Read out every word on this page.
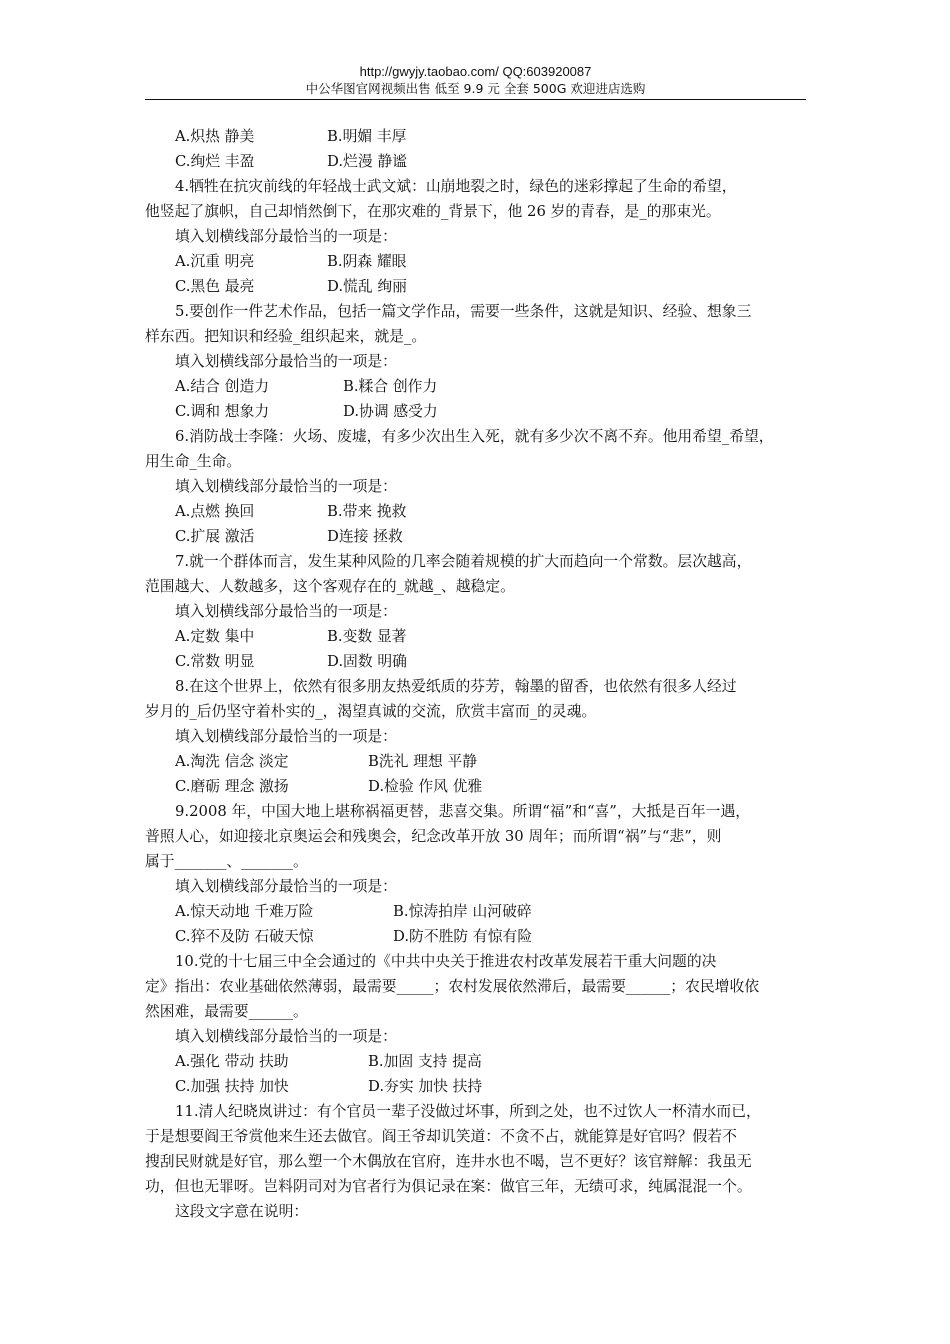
http://gwyjy.taobao.com/ QQ:603920087
中公华图官网视频出售 低至 9.9 元 全套 500G 欢迎进店选购
A.炽热 静美	B.明媚 丰厚
C.绚烂 丰盈	D.烂漫 静谧
4.牺牲在抗灾前线的年轻战士武文斌：山崩地裂之时，绿色的迷彩撑起了生命的希望，
他竖起了旗帜，自己却悄然倒下，在那灾难的_背景下，他 26 岁的青春，是_的那束光。
填入划横线部分最恰当的一项是：
A.沉重 明亮	B.阴森 耀眼
C.黑色 最亮	D.慌乱 绚丽
5.要创作一件艺术作品，包括一篇文学作品，需要一些条件，这就是知识、经验、想象三
样东西。把知识和经验_组织起来，就是_。
填入划横线部分最恰当的一项是：
A.结合 创造力	B.糅合 创作力
C.调和 想象力	D.协调 感受力
6.消防战士李隆：火场、废墟，有多少次出生入死，就有多少次不离不弃。他用希望_希望，
用生命_生命。
填入划横线部分最恰当的一项是：
A.点燃 换回	B.带来 挽救
C.扩展 激活	D连接 拯救
7.就一个群体而言，发生某种风险的几率会随着规模的扩大而趋向一个常数。层次越高，
范围越大、人数越多，这个客观存在的_就越_、越稳定。
填入划横线部分最恰当的一项是：
A.定数 集中	B.变数 显著
C.常数 明显	D.固数 明确
8.在这个世界上，依然有很多朋友热爱纸质的芬芳，翰墨的留香，也依然有很多人经过
岁月的_后仍坚守着朴实的_，渴望真诚的交流，欣赏丰富而_的灵魂。
填入划横线部分最恰当的一项是：
A.淘洗 信念 淡定	B洗礼 理想 平静
C.磨砺 理念 激扬	D.检验 作风 优雅
9.2008 年，中国大地上堪称祸福更替，悲喜交集。所谓“福”和“喜”，大抵是百年一遇，
普照人心，如迎接北京奥运会和残奥会，纪念改革开放 30 周年；而所谓“祸”与“悲”，则
属于_______、_______。
填入划横线部分最恰当的一项是：
A.惊天动地 千难万险	B.惊涛拍岸 山河破碎
C.猝不及防 石破天惊	D.防不胜防 有惊有险
10.党的十七届三中全会通过的《中共中央关于推进农村改革发展若干重大问题的决
定》指出：农业基础依然薄弱，最需要_____；农村发展依然滞后，最需要______；农民增收依
然困难，最需要______。
填入划横线部分最恰当的一项是：
A.强化 带动 扶助	B.加固 支持 提高
C.加强 扶持 加快	D.夯实 加快 扶持
11.清人纪晓岚讲过：有个官员一辈子没做过坏事，所到之处，也不过饮人一杯清水而已，
于是想要阎王爷赏他来生还去做官。阎王爷却讥笑道：不贪不占，就能算是好官吗？假若不
搜刮民财就是好官，那么塑一个木偶放在官府，连井水也不喝，岂不更好？该官辩解：我虽无
功，但也无罪呀。岂料阴司对为官者行为俱记录在案：做官三年，无绩可求，纯属混混一个。
这段文字意在说明：
